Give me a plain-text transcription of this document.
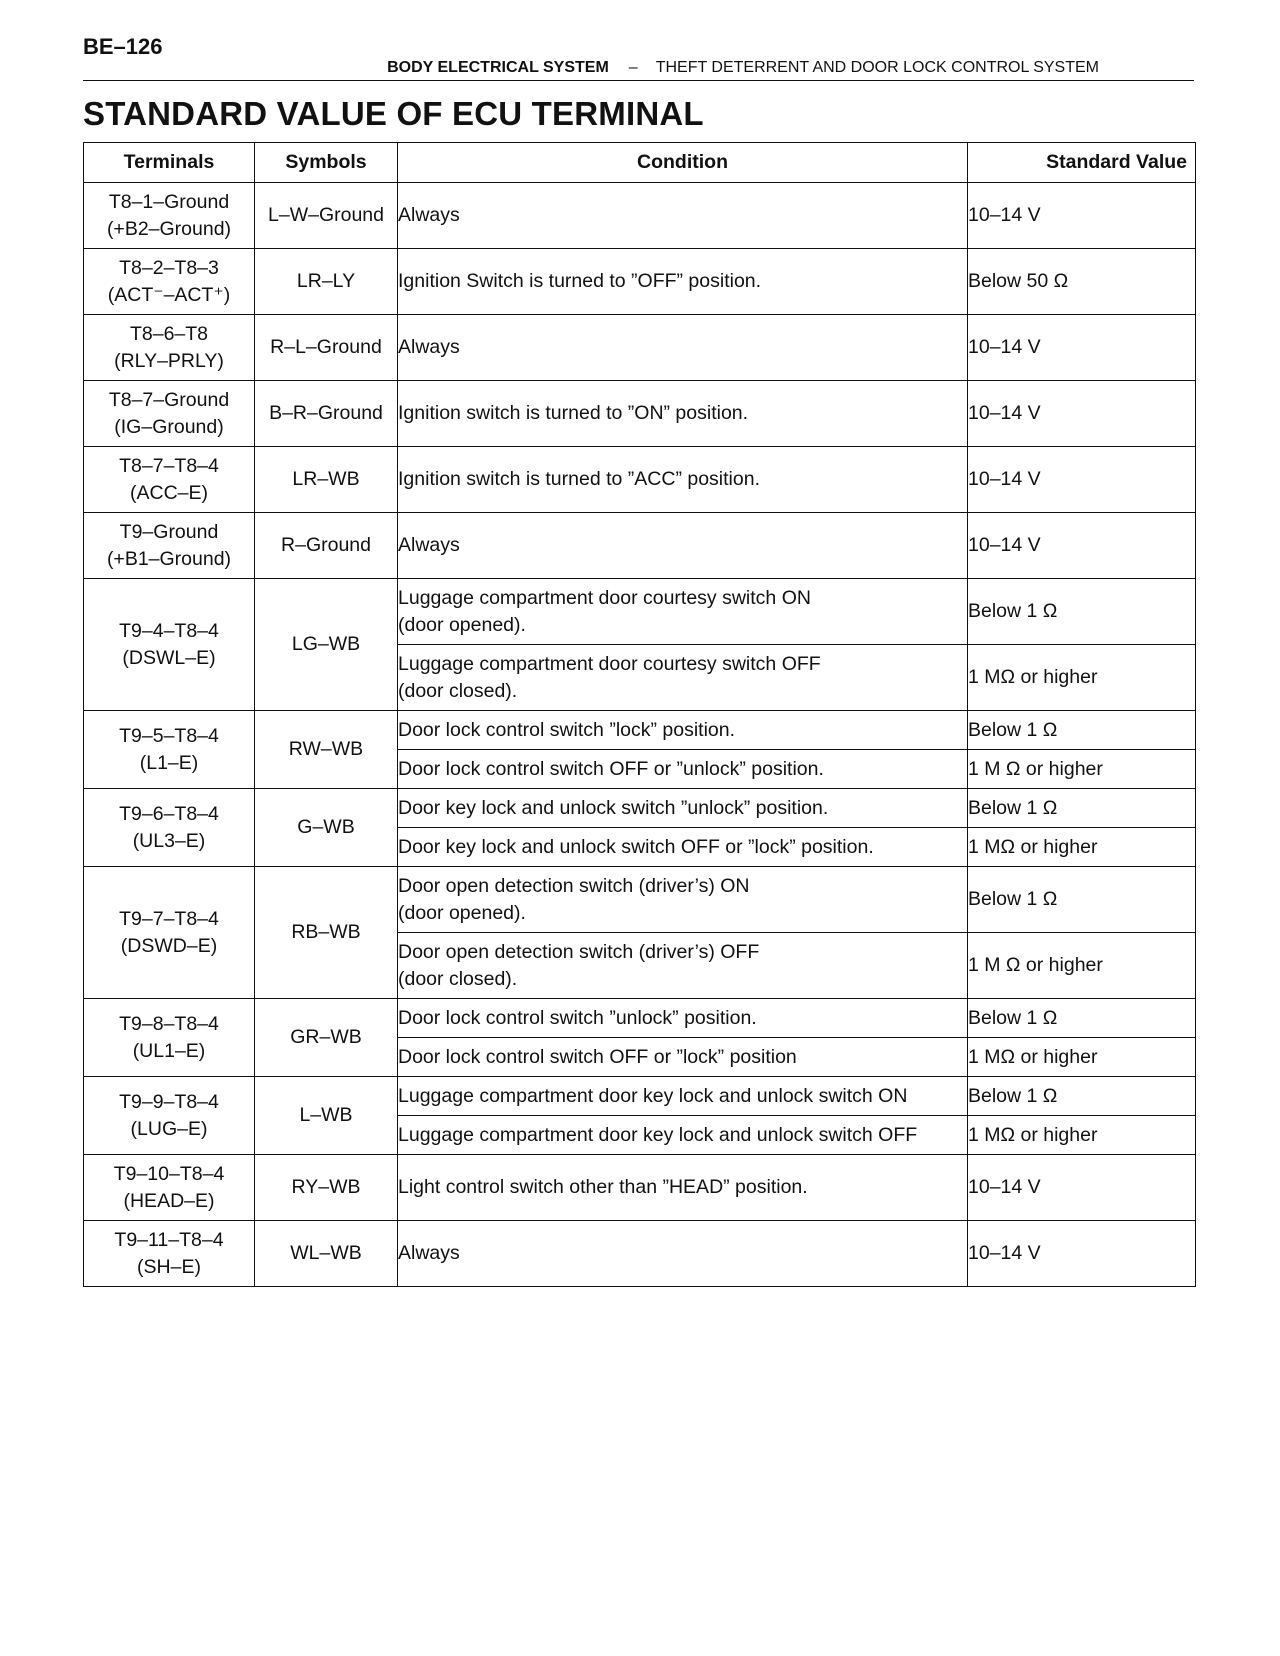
BE–126
BODY ELECTRICAL SYSTEM – THEFT DETERRENT AND DOOR LOCK CONTROL SYSTEM
STANDARD VALUE OF ECU TERMINAL
Terminals	Symbols	Condition	Standard Value

T8–1–Ground
(+B2–Ground)	L–W–Ground	Always	10–14 V

T8–2–T8–3
(ACT⁻–ACT⁺)	LR–LY	Ignition Switch is turned to ”OFF” position.	Below 50 Ω

T8–6–T8
(RLY–PRLY)	R–L–Ground	Always	10–14 V

T8–7–Ground
(IG–Ground)	B–R–Ground	Ignition switch is turned to ”ON” position.	10–14 V

T8–7–T8–4
(ACC–E)	LR–WB	Ignition switch is turned to ”ACC” position.	10–14 V

T9–Ground
(+B1–Ground)	R–Ground	Always	10–14 V

T9–4–T8–4
(DSWL–E)	LG–WB	Luggage compartment door courtesy switch ON
(door opened).	Below 1 Ω

		Luggage compartment door courtesy switch OFF
(door closed).	1 MΩ or higher

T9–5–T8–4
(L1–E)	RW–WB	Door lock control switch ”lock” position.	Below 1 Ω

		Door lock control switch OFF or ”unlock” position.	1 M Ω or higher

T9–6–T8–4
(UL3–E)	G–WB	Door key lock and unlock switch ”unlock” position.	Below 1 Ω

		Door key lock and unlock switch OFF or ”lock” position.	1 MΩ or higher

T9–7–T8–4
(DSWD–E)	RB–WB	Door open detection switch (driver’s) ON
(door opened).	Below 1 Ω

		Door open detection switch (driver’s) OFF
(door closed).	1 M Ω or higher

T9–8–T8–4
(UL1–E)	GR–WB	Door lock control switch ”unlock” position.	Below 1 Ω

		Door lock control switch OFF or ”lock” position	1 MΩ or higher

T9–9–T8–4
(LUG–E)	L–WB	Luggage compartment door key lock and unlock switch ON	Below 1 Ω

		Luggage compartment door key lock and unlock switch OFF	1 MΩ or higher

T9–10–T8–4
(HEAD–E)	RY–WB	Light control switch other than ”HEAD” position.	10–14 V

T9–11–T8–4
(SH–E)	WL–WB	Always	10–14 V
